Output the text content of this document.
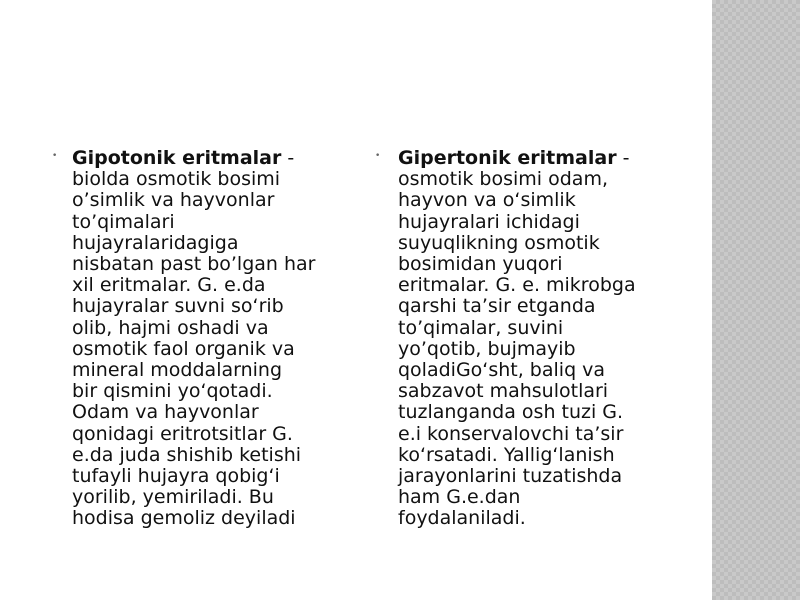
• Gipotonik eritmalar -
biolda osmotik bosimi
o’simlik va hayvonlar
to’qimalari
hujayralaridagiga
nisbatan past bo’lgan har
xil eritmalar. G. e.da
hujayralar suvni so‘rib
olib, hajmi oshadi va
osmotik faol organik va
mineral moddalarning
bir qismini yo‘qotadi.
Odam va hayvonlar
qonidagi eritrotsitlar G.
e.da juda shishib ketishi
tufayli hujayra qobig‘i
yorilib, yemiriladi. Bu
hodisa gemoliz deyiladi
• Gipertonik eritmalar -
osmotik bosimi odam,
hayvon va o‘simlik
hujayralari ichidagi
suyuqlikning osmotik
bosimidan yuqori
eritmalar. G. e. mikrobga
qarshi ta’sir etganda
to’qimalar, suvini
yo’qotib, bujmayib
qoladiGo‘sht, baliq va
sabzavot mahsulotlari
tuzlanganda osh tuzi G.
e.i konservalovchi ta’sir
ko‘rsatadi. Yallig‘lanish
jarayonlarini tuzatishda
ham G.e.dan
foydalaniladi.
